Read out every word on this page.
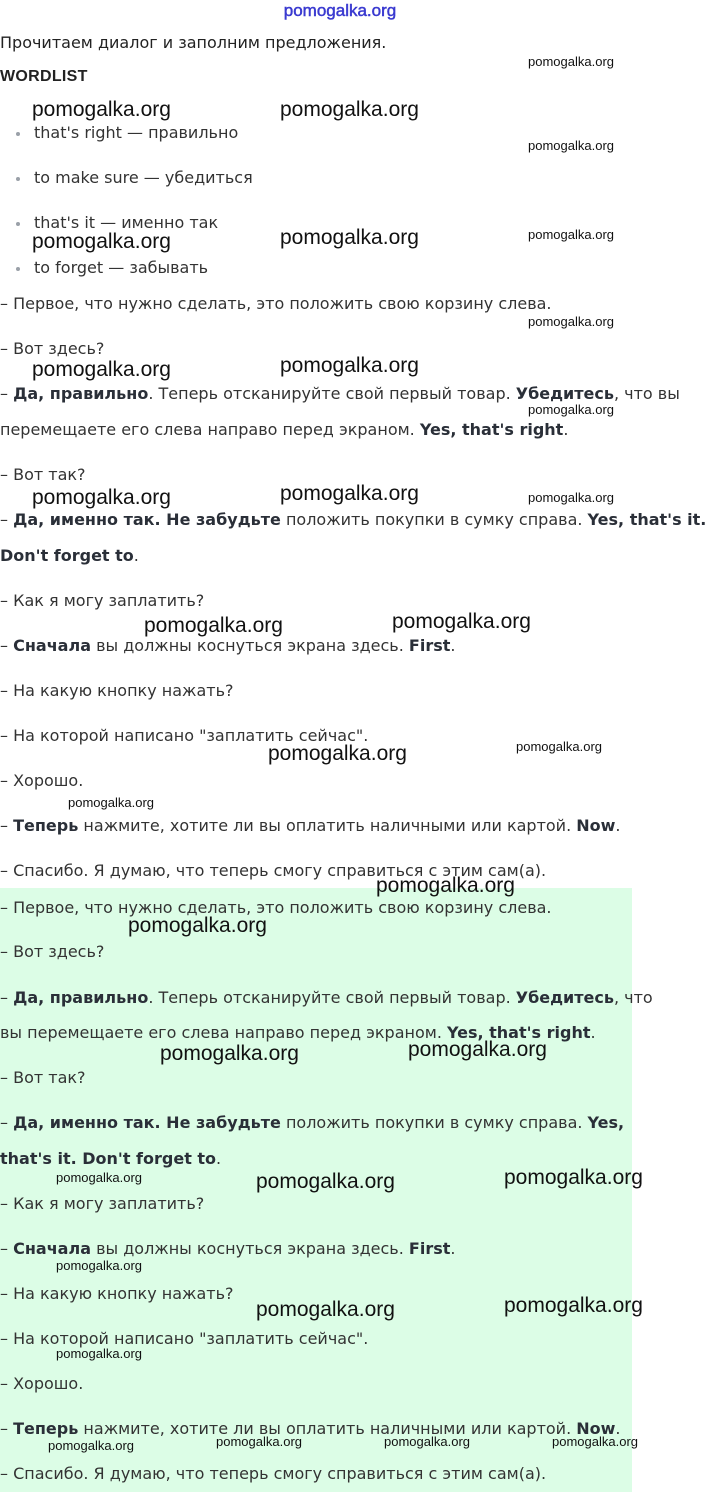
pomogalka.org
Прочитаем диалог и заполним предложения.
WORDLIST
that's right — правильно
to make sure — убедиться
that's it — именно так
to forget — забывать
– Первое, что нужно сделать, это положить свою корзину слева.
– Вот здесь?
– Да, правильно. Теперь отсканируйте свой первый товар. Убедитесь, что вы
перемещаете его слева направо перед экраном. Yes, that's right.
– Вот так?
– Да, именно так. Не забудьте положить покупки в сумку справа. Yes, that's it.
Don't forget to.
– Как я могу заплатить?
– Сначала вы должны коснуться экрана здесь. First.
– На какую кнопку нажать?
– На которой написано "заплатить сейчас".
– Хорошо.
– Теперь нажмите, хотите ли вы оплатить наличными или картой. Now.
– Спасибо. Я думаю, что теперь смогу справиться с этим сам(а).
– Первое, что нужно сделать, это положить свою корзину слева.
– Вот здесь?
– Да, правильно. Теперь отсканируйте свой первый товар. Убедитесь, что
вы перемещаете его слева направо перед экраном. Yes, that's right.
– Вот так?
– Да, именно так. Не забудьте положить покупки в сумку справа. Yes,
that's it. Don't forget to.
– Как я могу заплатить?
– Сначала вы должны коснуться экрана здесь. First.
– На какую кнопку нажать?
– На которой написано "заплатить сейчас".
– Хорошо.
– Теперь нажмите, хотите ли вы оплатить наличными или картой. Now.
– Спасибо. Я думаю, что теперь смогу справиться с этим сам(а).
pomogalka.org	pomogalka.org
pomogalka.org
pomogalka.org
pomogalka.org	pomogalka.org	pomogalka.org
pomogalka.org
pomogalka.org	pomogalka.org
pomogalka.org
pomogalka.org	pomogalka.org	pomogalka.org
pomogalka.org	pomogalka.org
pomogalka.org	pomogalka.org
pomogalka.org
pomogalka.org
pomogalka.org
pomogalka.org	pomogalka.org
pomogalka.org	pomogalka.org	pomogalka.org
pomogalka.org
pomogalka.org	pomogalka.org
pomogalka.org
pomogalka.org	pomogalka.org	pomogalka.org	pomogalka.org
